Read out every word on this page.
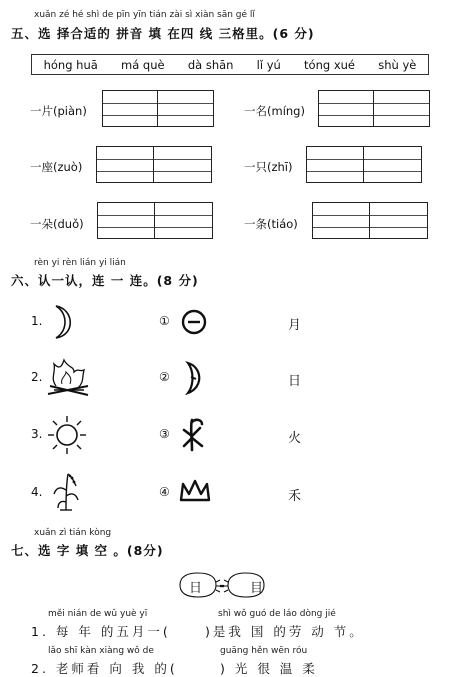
xuǎn zé hé shì de pīn yīn tián zài sì xiàn sān gé lǐ
五、选 择合适的 拼音 填 在四 线 三格里。(6 分)
hóng huā má què dà shān lǐ yú tóng xué shù yè
一片(piàn)	一名(míng)
一座(zuò)	一只(zhī)
一朵(duǒ)	一条(tiáo)
rèn yi rèn lián yi lián
六、认一认，连 一 连。(8 分)
1.	①	月
2.	②	日
3.	③	火
4.	④	禾
xuǎn zì tián kòng
七、选 字 填 空 。(8分)
日	目
měi nián de wǔ yuè yī	shì wǒ guó de láo dòng jié
1. 每 年 的五月一(	)是我 国 的劳 动 节。
lǎo shī kàn xiàng wǒ de	guāng hěn wēn róu
2. 老师看 向 我 的(	) 光 很 温 柔
